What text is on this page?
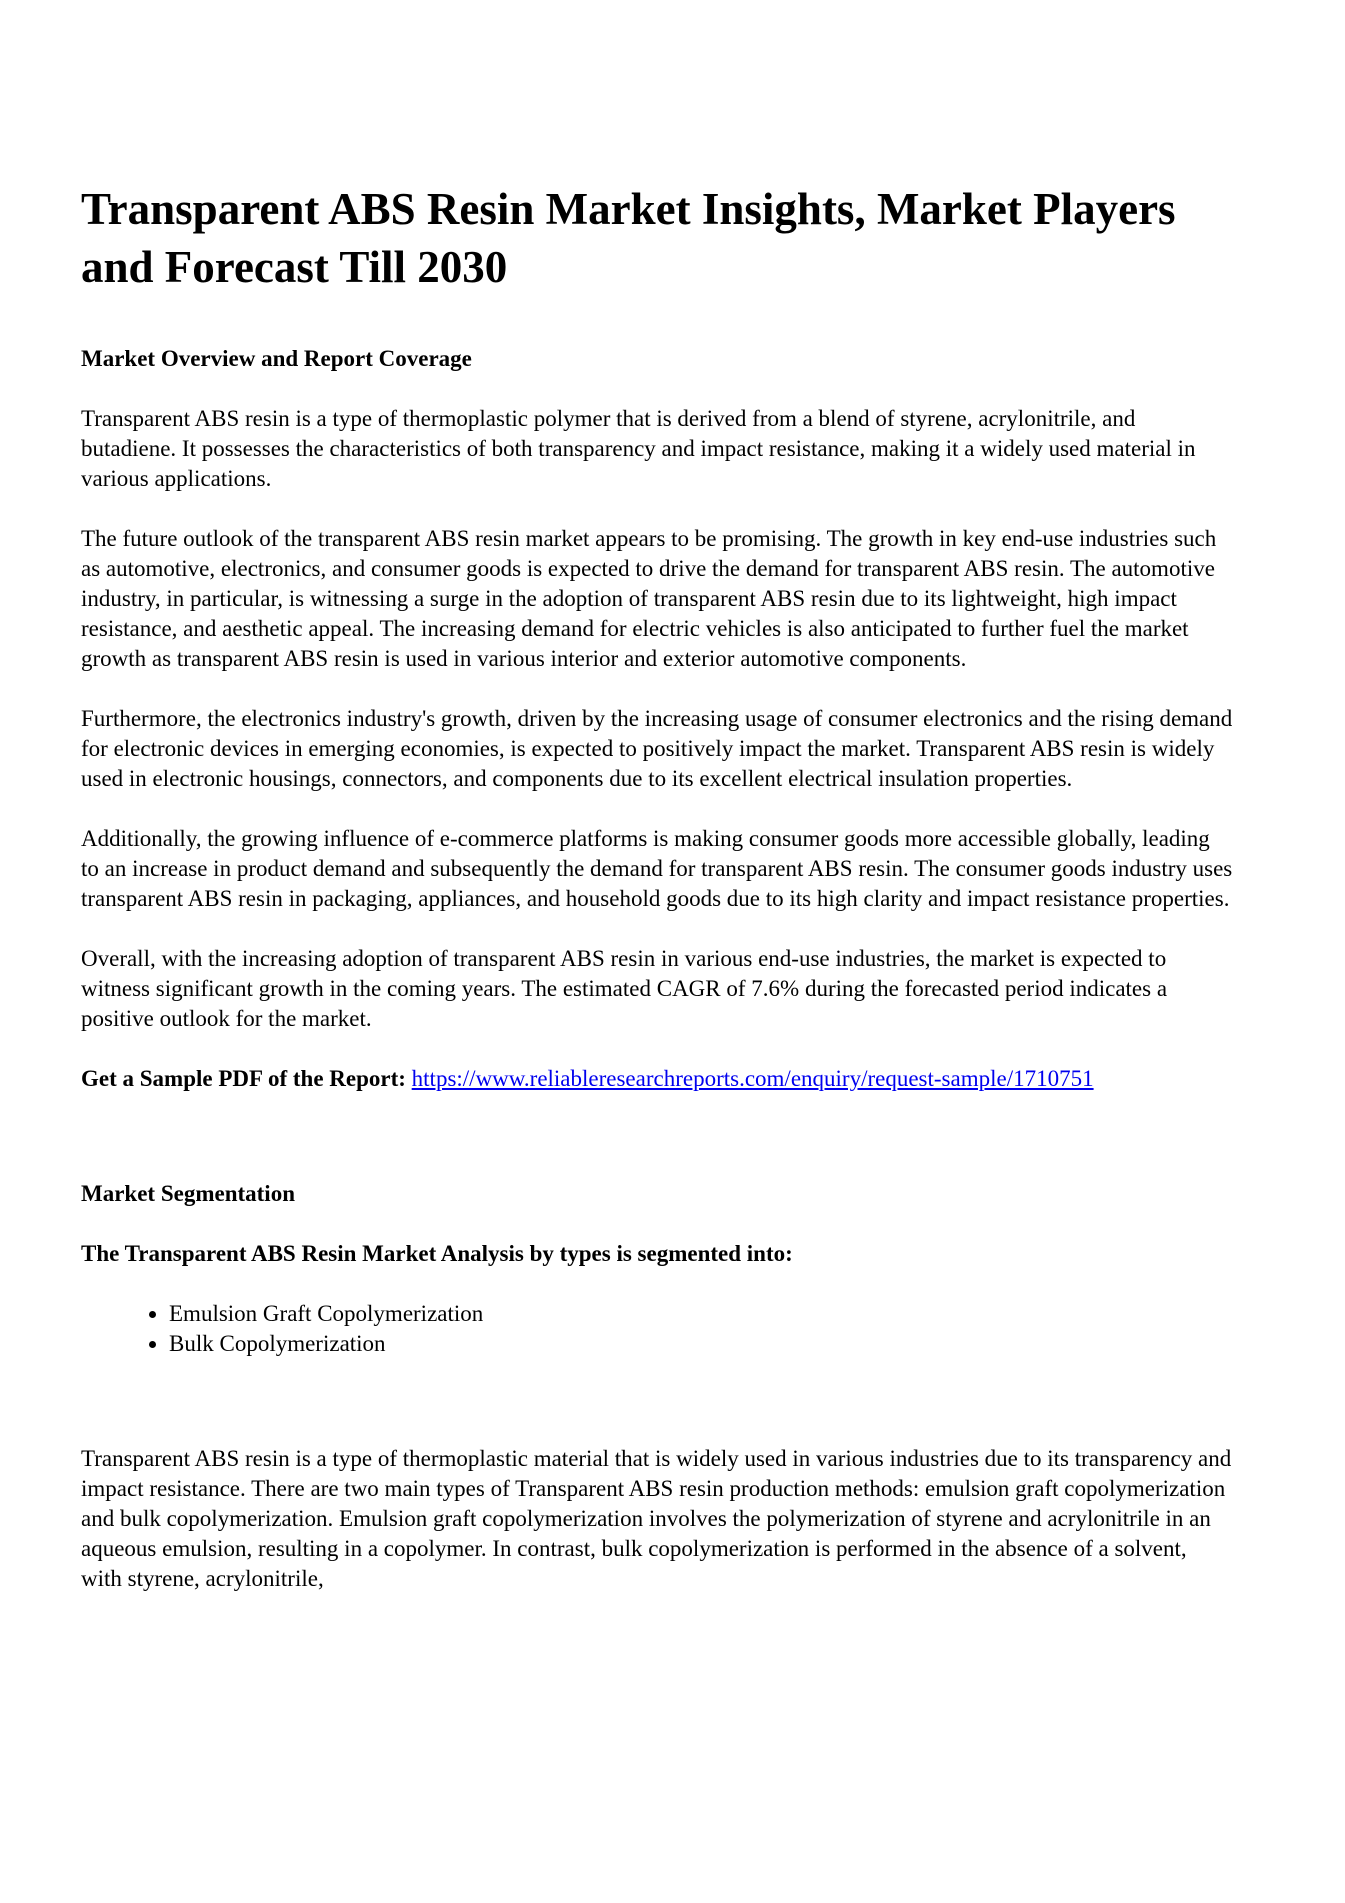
Transparent ABS Resin Market Insights, Market Players and Forecast Till 2030

Market Overview and Report Coverage

Transparent ABS resin is a type of thermoplastic polymer that is derived from a blend of styrene, acrylonitrile, and butadiene. It possesses the characteristics of both transparency and impact resistance, making it a widely used material in various applications.

The future outlook of the transparent ABS resin market appears to be promising. The growth in key end-use industries such as automotive, electronics, and consumer goods is expected to drive the demand for transparent ABS resin. The automotive industry, in particular, is witnessing a surge in the adoption of transparent ABS resin due to its lightweight, high impact resistance, and aesthetic appeal. The increasing demand for electric vehicles is also anticipated to further fuel the market growth as transparent ABS resin is used in various interior and exterior automotive components.

Furthermore, the electronics industry's growth, driven by the increasing usage of consumer electronics and the rising demand for electronic devices in emerging economies, is expected to positively impact the market. Transparent ABS resin is widely used in electronic housings, connectors, and components due to its excellent electrical insulation properties.

Additionally, the growing influence of e-commerce platforms is making consumer goods more accessible globally, leading to an increase in product demand and subsequently the demand for transparent ABS resin. The consumer goods industry uses transparent ABS resin in packaging, appliances, and household goods due to its high clarity and impact resistance properties.

Overall, with the increasing adoption of transparent ABS resin in various end-use industries, the market is expected to witness significant growth in the coming years. The estimated CAGR of 7.6% during the forecasted period indicates a positive outlook for the market.

Get a Sample PDF of the Report: https://www.reliableresearchreports.com/enquiry/request-sample/1710751

Market Segmentation

The Transparent ABS Resin Market Analysis by types is segmented into:

• Emulsion Graft Copolymerization
• Bulk Copolymerization

Transparent ABS resin is a type of thermoplastic material that is widely used in various industries due to its transparency and impact resistance. There are two main types of Transparent ABS resin production methods: emulsion graft copolymerization and bulk copolymerization. Emulsion graft copolymerization involves the polymerization of styrene and acrylonitrile in an aqueous emulsion, resulting in a copolymer. In contrast, bulk copolymerization is performed in the absence of a solvent, with styrene, acrylonitrile,
